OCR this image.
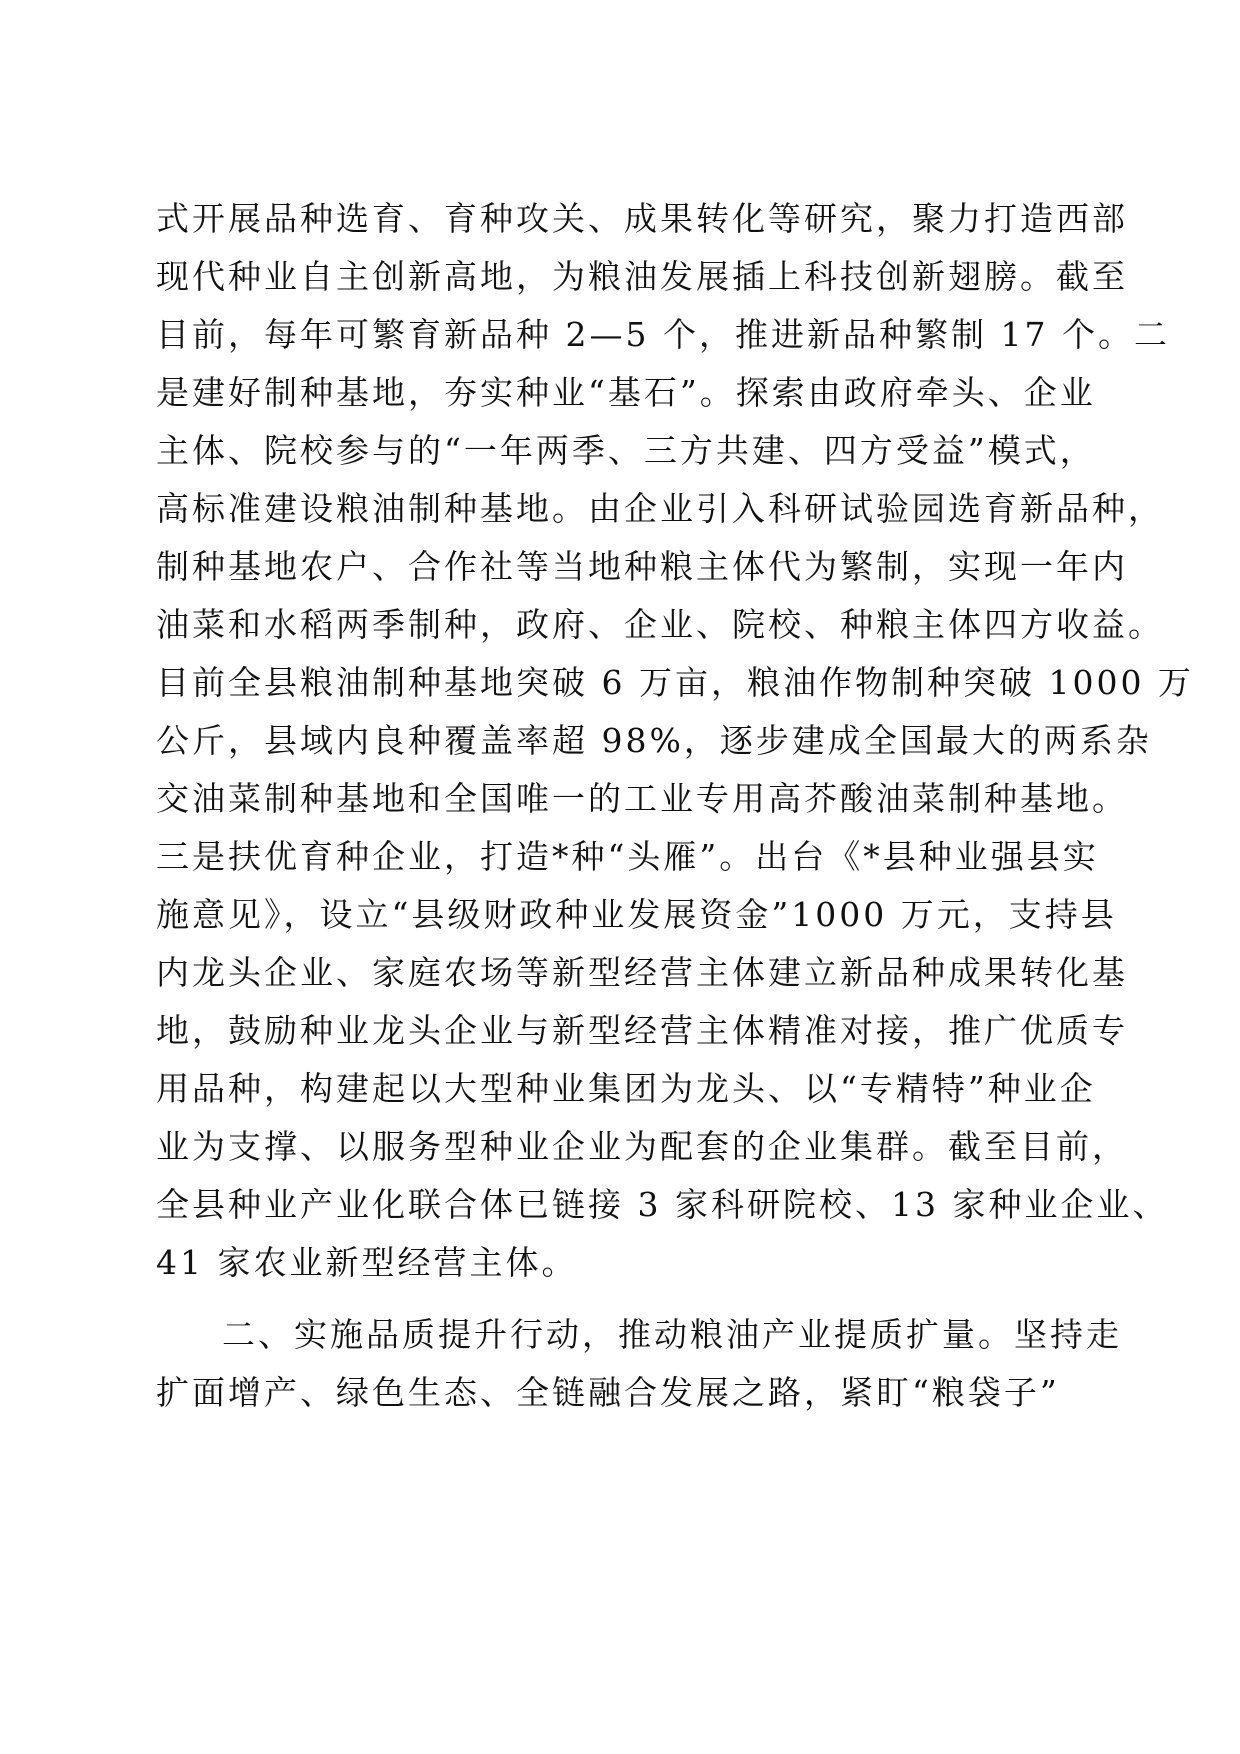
式开展品种选育、育种攻关、成果转化等研究，聚力打造西部
现代种业自主创新高地，为粮油发展插上科技创新翅膀。截至
目前，每年可繁育新品种 2—5 个，推进新品种繁制 17 个。二
是建好制种基地，夯实种业“基石”。探索由政府牵头、企业
主体、院校参与的“一年两季、三方共建、四方受益”模式，
高标准建设粮油制种基地。由企业引入科研试验园选育新品种，
制种基地农户、合作社等当地种粮主体代为繁制，实现一年内
油菜和水稻两季制种，政府、企业、院校、种粮主体四方收益。
目前全县粮油制种基地突破 6 万亩，粮油作物制种突破 1000 万
公斤，县域内良种覆盖率超 98%，逐步建成全国最大的两系杂
交油菜制种基地和全国唯一的工业专用高芥酸油菜制种基地。
三是扶优育种企业，打造*种“头雁”。出台《*县种业强县实
施意见》，设立“县级财政种业发展资金”1000 万元，支持县
内龙头企业、家庭农场等新型经营主体建立新品种成果转化基
地，鼓励种业龙头企业与新型经营主体精准对接，推广优质专
用品种，构建起以大型种业集团为龙头、以“专精特”种业企
业为支撑、以服务型种业企业为配套的企业集群。截至目前，
全县种业产业化联合体已链接 3 家科研院校、13 家种业企业、
41 家农业新型经营主体。
二、实施品质提升行动，推动粮油产业提质扩量。坚持走
扩面增产、绿色生态、全链融合发展之路，紧盯“粮袋子”
